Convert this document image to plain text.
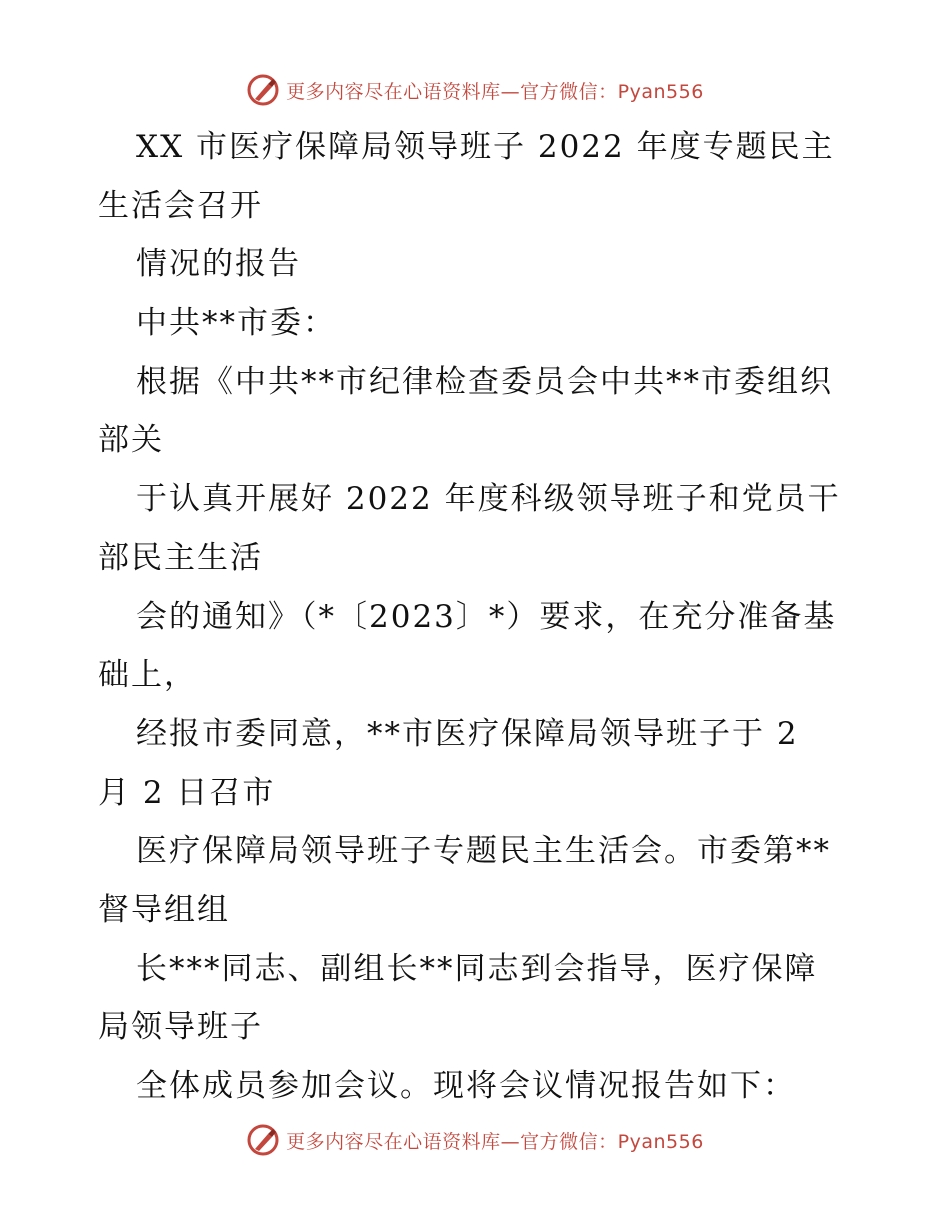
更多内容尽在心语资料库—官方微信：Pyan556
XX 市医疗保障局领导班子 2022 年度专题民主
生活会召开
情况的报告
中共**市委：
根据《中共**市纪律检查委员会中共**市委组织
部关
于认真开展好 2022 年度科级领导班子和党员干
部民主生活
会的通知》（*〔2023〕*）要求，在充分准备基
础上，
经报市委同意，**市医疗保障局领导班子于 2
月 2 日召市
医疗保障局领导班子专题民主生活会。市委第**
督导组组
长***同志、副组长**同志到会指导，医疗保障
局领导班子
全体成员参加会议。现将会议情况报告如下：
更多内容尽在心语资料库—官方微信：Pyan556
